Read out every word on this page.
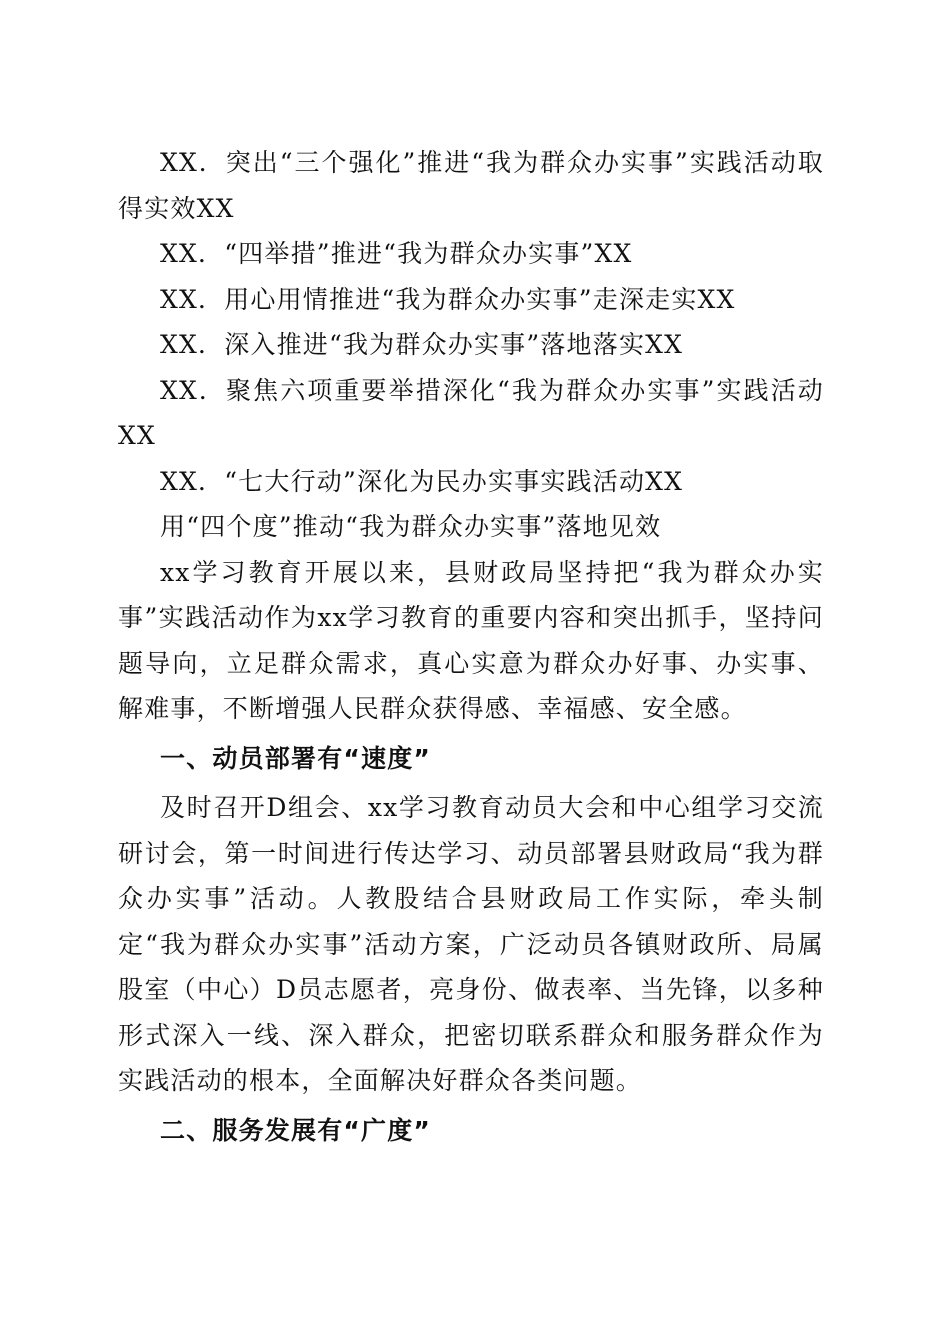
XX．突出“三个强化”推进“我为群众办实事”实践活动取得实效XX

XX．“四举措”推进“我为群众办实事”XX

XX．用心用情推进“我为群众办实事”走深走实XX

XX．深入推进“我为群众办实事”落地落实XX

XX．聚焦六项重要举措深化“我为群众办实事”实践活动XX

XX．“七大行动”深化为民办实事实践活动XX

用“四个度”推动“我为群众办实事”落地见效

xx学习教育开展以来，县财政局坚持把“我为群众办实事”实践活动作为xx学习教育的重要内容和突出抓手，坚持问题导向，立足群众需求，真心实意为群众办好事、办实事、解难事，不断增强人民群众获得感、幸福感、安全感。

一、动员部署有“速度”

及时召开D组会、xx学习教育动员大会和中心组学习交流研讨会，第一时间进行传达学习、动员部署县财政局“我为群众办实事”活动。人教股结合县财政局工作实际，牵头制定“我为群众办实事”活动方案，广泛动员各镇财政所、局属股室（中心）D员志愿者，亮身份、做表率、当先锋，以多种形式深入一线、深入群众，把密切联系群众和服务群众作为实践活动的根本，全面解决好群众各类问题。

二、服务发展有“广度”
